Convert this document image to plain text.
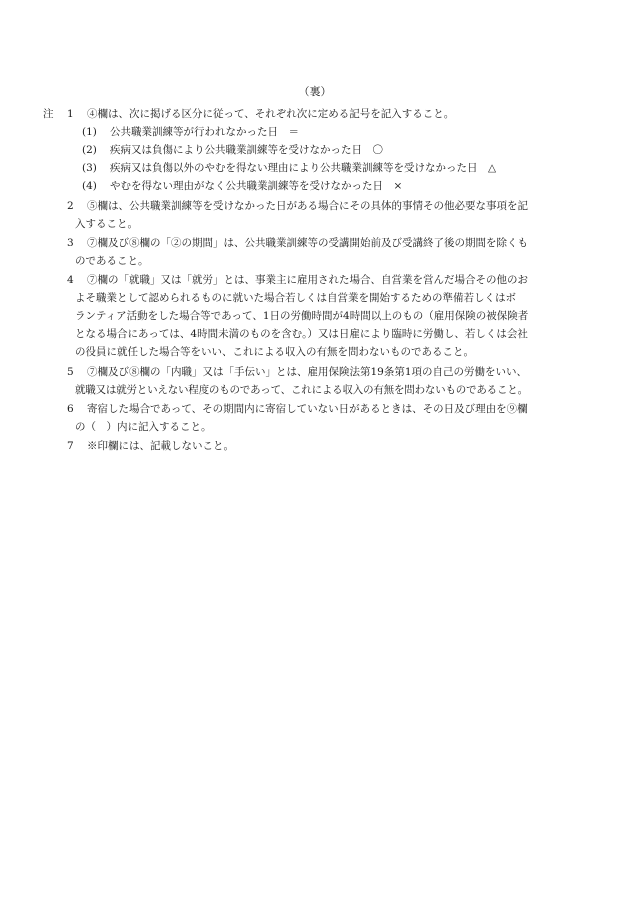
（裏）
注 1 ④欄は、次に掲げる区分に従って、それぞれ次に定める記号を記入すること。
(1) 公共職業訓練等が行われなかった日　＝
(2) 疾病又は負傷により公共職業訓練等を受けなかった日　〇
(3) 疾病又は負傷以外のやむを得ない理由により公共職業訓練等を受けなかった日　△
(4) やむを得ない理由がなく公共職業訓練等を受けなかった日　×
2 ⑤欄は、公共職業訓練等を受けなかった日がある場合にその具体的事情その他必要な事項を記
入すること。
3 ⑦欄及び⑧欄の「②の期間」は、公共職業訓練等の受講開始前及び受講終了後の期間を除くも
のであること。
4 ⑦欄の「就職」又は「就労」とは、事業主に雇用された場合、自営業を営んだ場合その他のお
よそ職業として認められるものに就いた場合若しくは自営業を開始するための準備若しくはボ
ランティア活動をした場合等であって、1日の労働時間が4時間以上のもの（雇用保険の被保険者
となる場合にあっては、4時間未満のものを含む。）又は日雇により臨時に労働し、若しくは会社
の役員に就任した場合等をいい、これによる収入の有無を問わないものであること。
5 ⑦欄及び⑧欄の「内職」又は「手伝い」とは、雇用保険法第19条第1項の自己の労働をいい、
就職又は就労といえない程度のものであって、これによる収入の有無を問わないものであること。
6 寄宿した場合であって、その期間内に寄宿していない日があるときは、その日及び理由を⑨欄
の（　）内に記入すること。
7 ※印欄には、記載しないこと。
